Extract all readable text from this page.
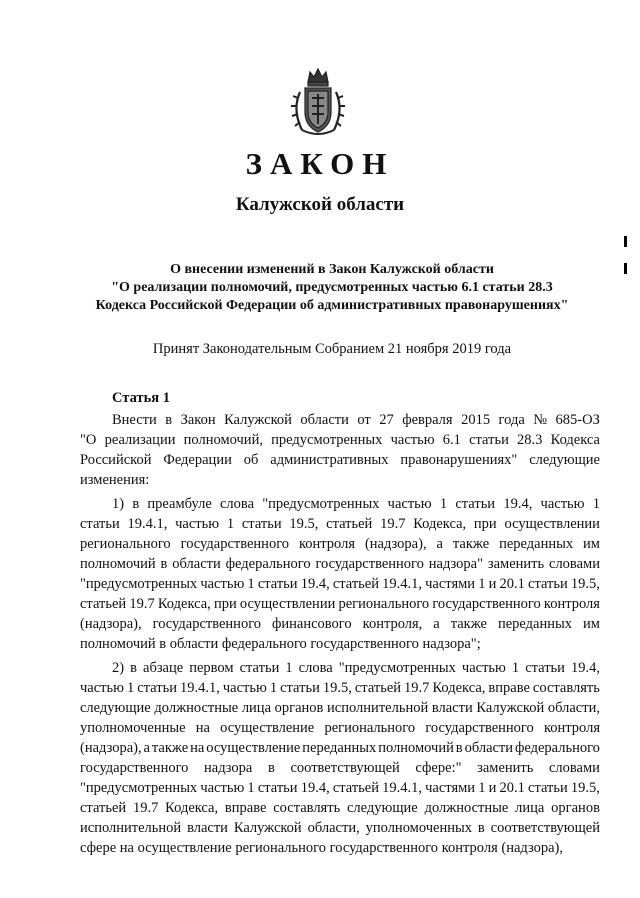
ЗАКОН
Калужской области
О внесении изменений в Закон Калужской области
"О реализации полномочий, предусмотренных частью 6.1 статьи 28.3
Кодекса Российской Федерации об административных правонарушениях"
Принят Законодательным Собранием 21 ноября 2019 года
Статья 1
Внести в Закон Калужской области от 27 февраля 2015 года № 685-ОЗ
"О реализации полномочий, предусмотренных частью 6.1 статьи 28.3 Кодекса
Российской Федерации об административных правонарушениях" следующие
изменения:
1) в преамбуле слова "предусмотренных частью 1 статьи 19.4, частью 1
статьи 19.4.1, частью 1 статьи 19.5, статьей 19.7 Кодекса, при осуществлении
регионального государственного контроля (надзора), а также переданных им
полномочий в области федерального государственного надзора" заменить словами
"предусмотренных частью 1 статьи 19.4, статьей 19.4.1, частями 1 и 20.1 статьи 19.5,
статьей 19.7 Кодекса, при осуществлении регионального государственного контроля
(надзора), государственного финансового контроля, а также переданных им
полномочий в области федерального государственного надзора";
2) в абзаце первом статьи 1 слова "предусмотренных частью 1 статьи 19.4,
частью 1 статьи 19.4.1, частью 1 статьи 19.5, статьей 19.7 Кодекса, вправе составлять
следующие должностные лица органов исполнительной власти Калужской области,
уполномоченные на осуществление регионального государственного контроля
(надзора), а также на осуществление переданных полномочий в области федерального
государственного надзора в соответствующей сфере:" заменить словами
"предусмотренных частью 1 статьи 19.4, статьей 19.4.1, частями 1 и 20.1 статьи 19.5,
статьей 19.7 Кодекса, вправе составлять следующие должностные лица органов
исполнительной власти Калужской области, уполномоченных в соответствующей
сфере на осуществление регионального государственного контроля (надзора),
